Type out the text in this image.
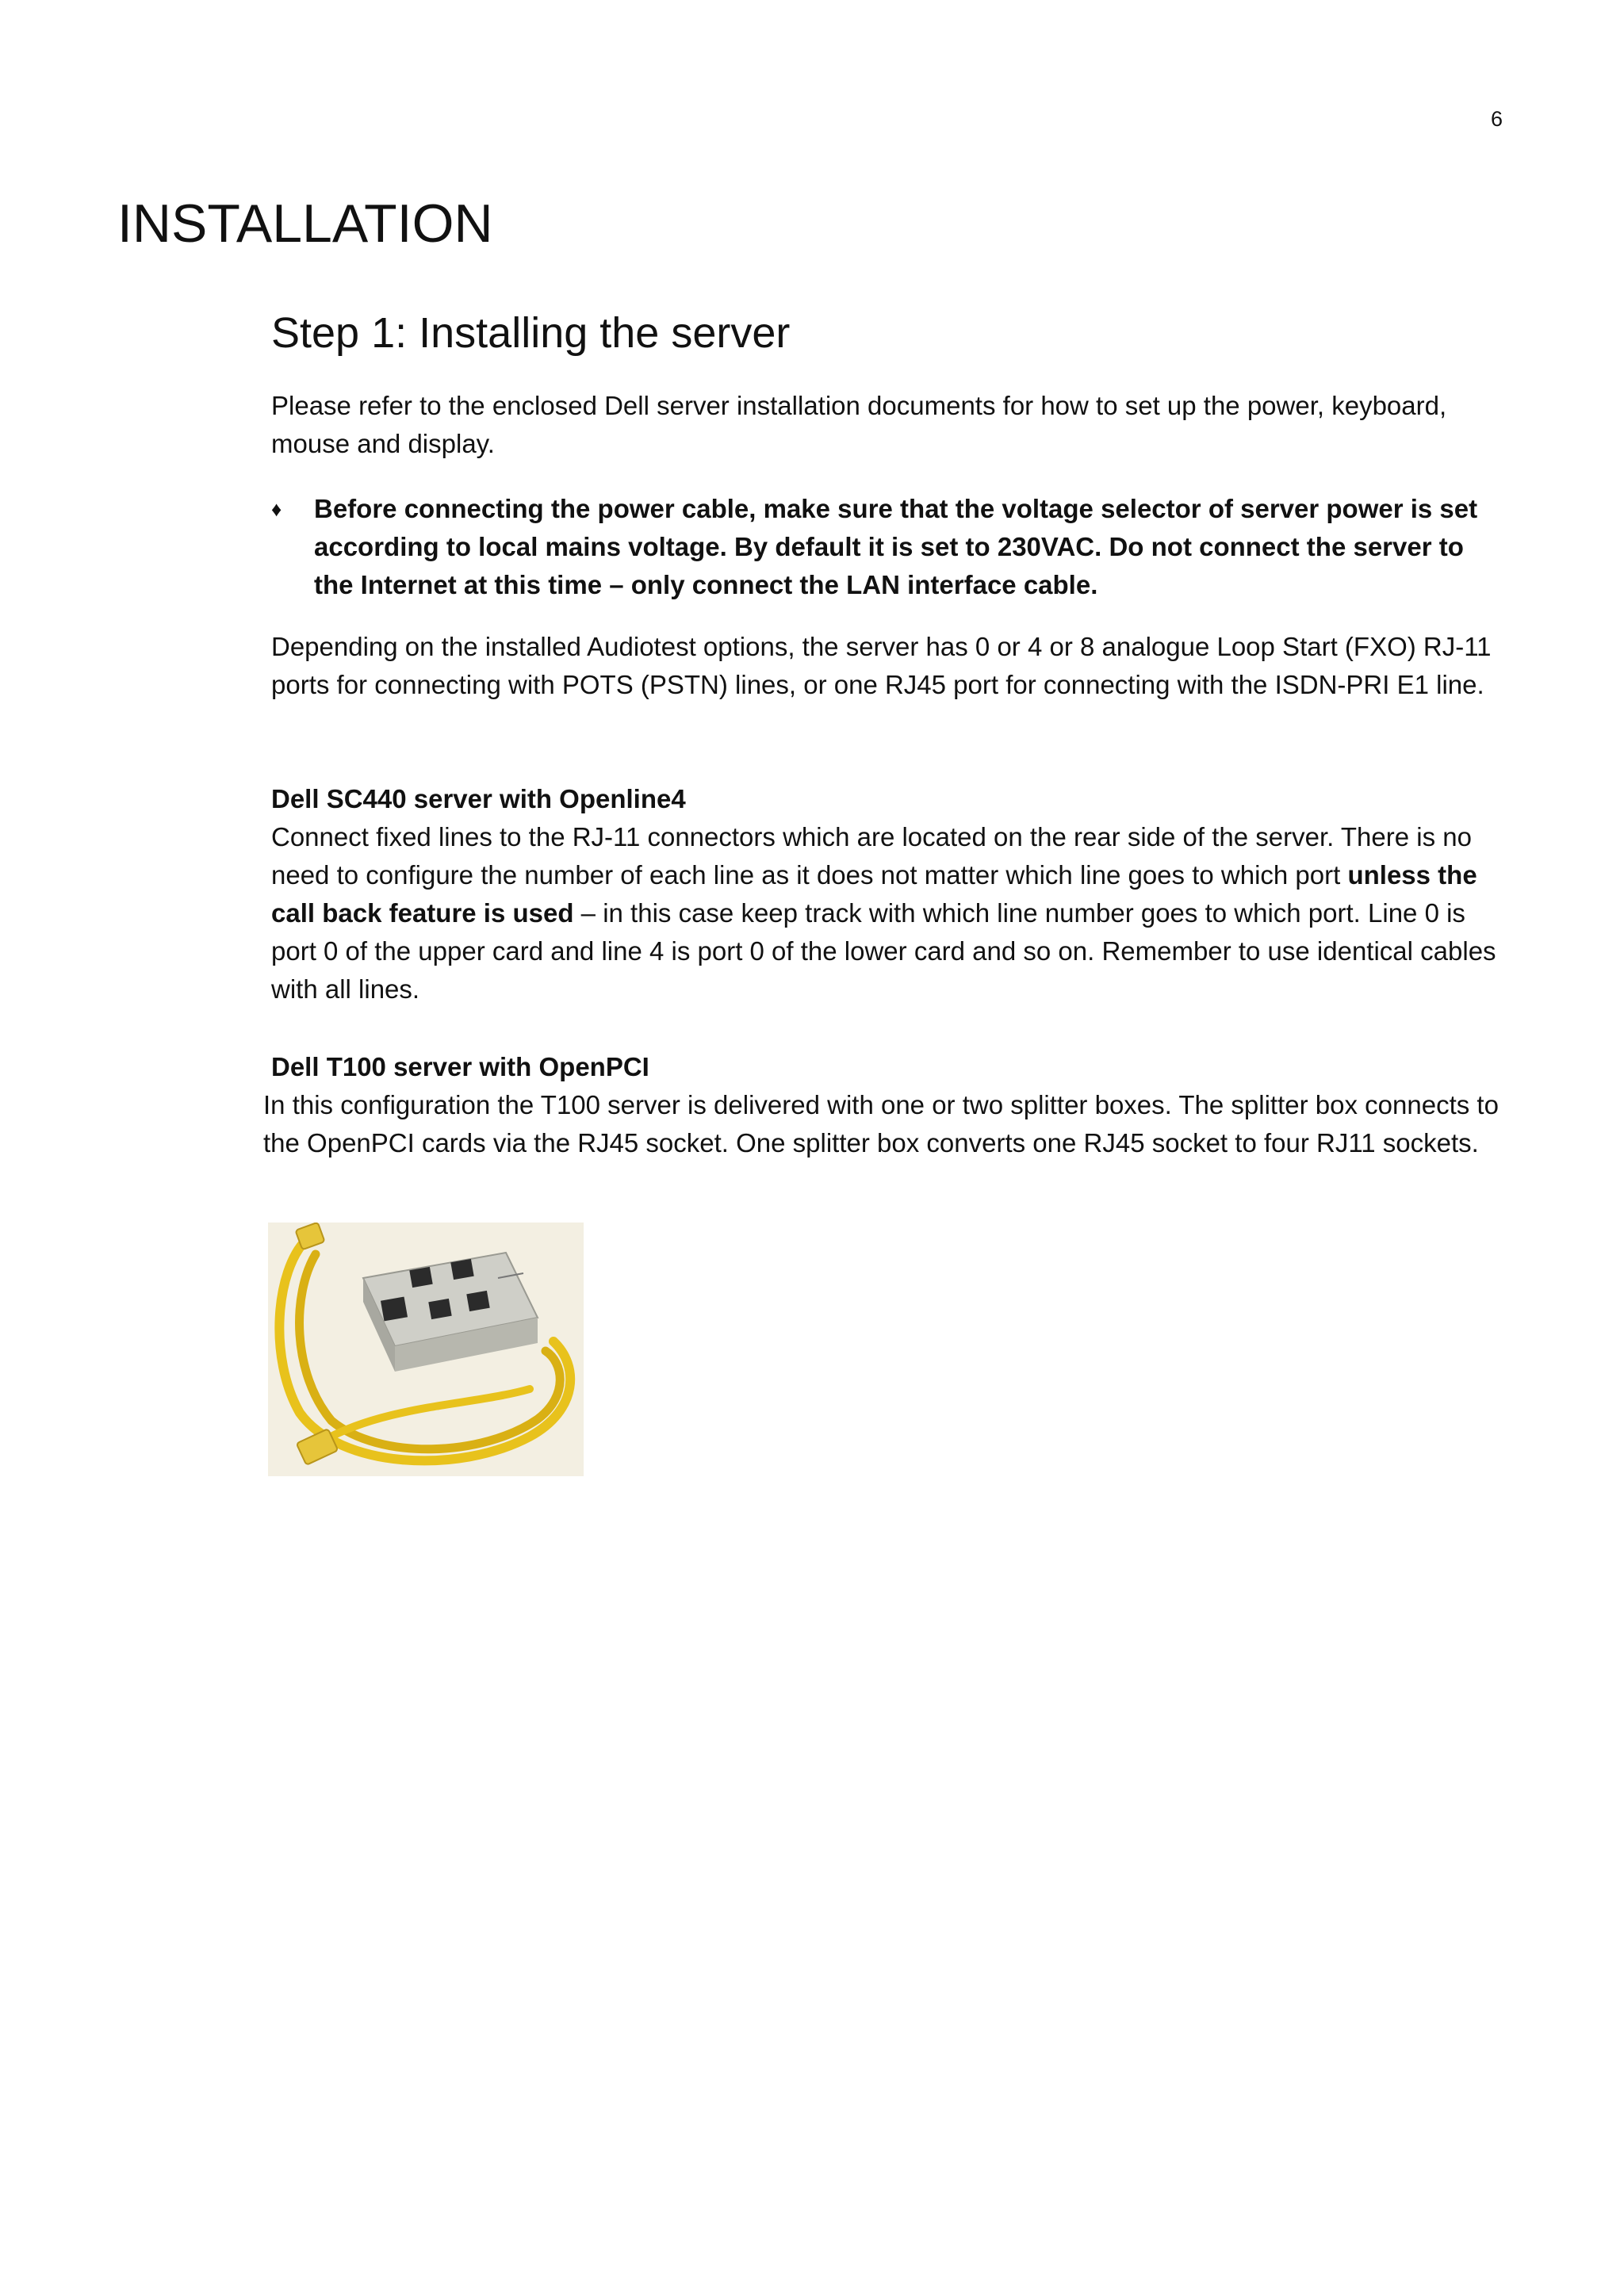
6
INSTALLATION
Step 1: Installing the server

Please refer to the enclosed Dell server installation documents for how to set up the power, keyboard, mouse and display.

♦	Before connecting the power cable, make sure that the voltage selector of server power is set according to local mains voltage. By default it is set to 230VAC. Do not connect the server to the Internet at this time – only connect the LAN interface cable.

Depending on the installed Audiotest options, the server has 0 or 4 or 8 analogue Loop Start (FXO) RJ-11 ports for connecting with POTS (PSTN) lines, or one RJ45 port for connecting with the ISDN-PRI E1 line.

Dell SC440 server with Openline4

Connect fixed lines to the RJ-11 connectors which are located on the rear side of the server. There is no need to configure the number of each line as it does not matter which line goes to which port unless the call back feature is used – in this case keep track with which line number goes to which port. Line 0 is port 0 of the upper card and line 4 is port 0 of the lower card and so on. Remember to use identical cables with all lines.

Dell T100 server with OpenPCI

In this configuration the T100 server is delivered with one or two splitter boxes. The splitter box connects to the OpenPCI cards via the RJ45 socket. One splitter box converts one RJ45 socket to four RJ11 sockets.
